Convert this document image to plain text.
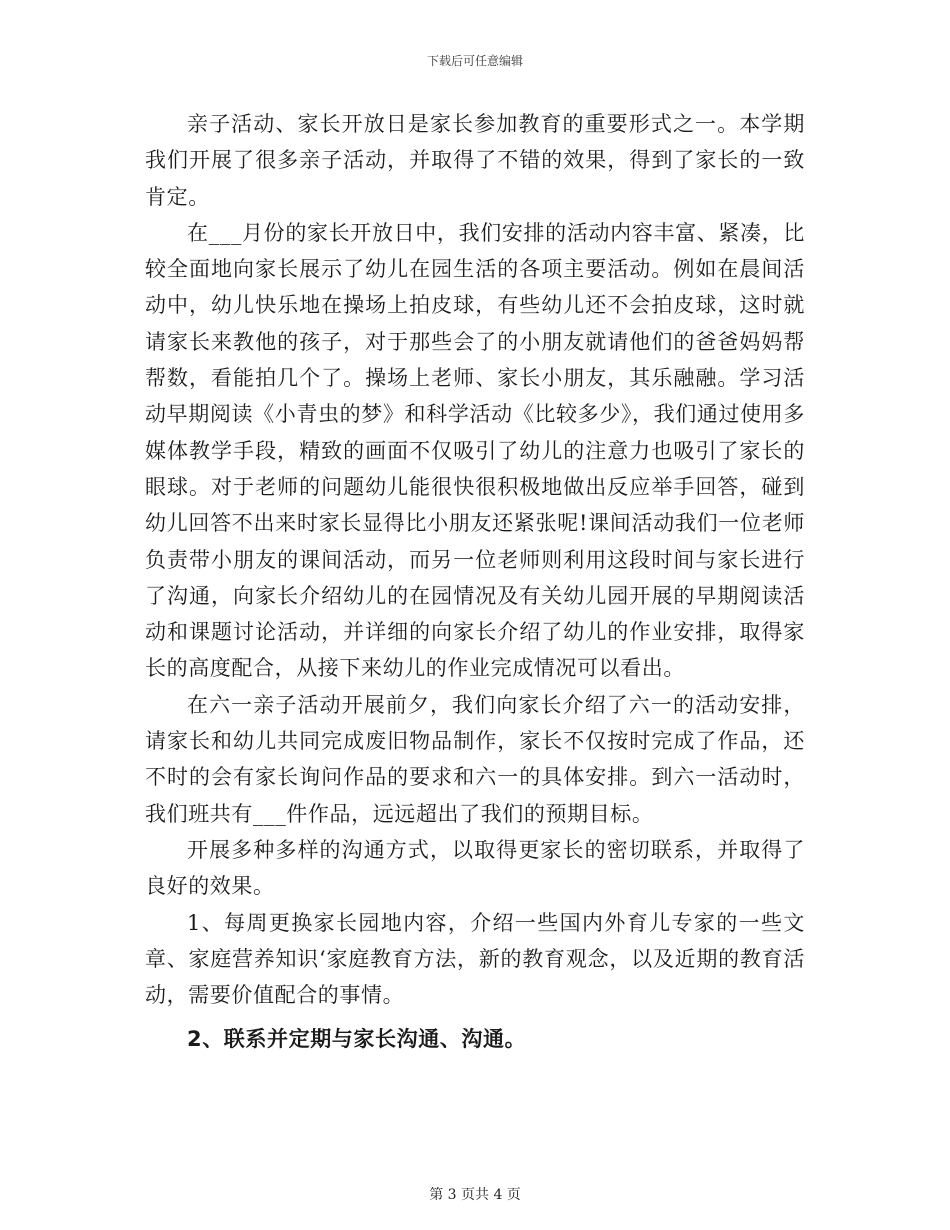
下载后可任意编辑

亲子活动、家长开放日是家长参加教育的重要形式之一。本学期我们开展了很多亲子活动，并取得了不错的效果，得到了家长的一致肯定。

在___月份的家长开放日中，我们安排的活动内容丰富、紧凑，比较全面地向家长展示了幼儿在园生活的各项主要活动。例如在晨间活动中，幼儿快乐地在操场上拍皮球，有些幼儿还不会拍皮球，这时就请家长来教他的孩子，对于那些会了的小朋友就请他们的爸爸妈妈帮帮数，看能拍几个了。操场上老师、家长小朋友，其乐融融。学习活动早期阅读《小青虫的梦》和科学活动《比较多少》，我们通过使用多媒体教学手段，精致的画面不仅吸引了幼儿的注意力也吸引了家长的眼球。对于老师的问题幼儿能很快很积极地做出反应举手回答，碰到幼儿回答不出来时家长显得比小朋友还紧张呢!课间活动我们一位老师负责带小朋友的课间活动，而另一位老师则利用这段时间与家长进行了沟通，向家长介绍幼儿的在园情况及有关幼儿园开展的早期阅读活动和课题讨论活动，并详细的向家长介绍了幼儿的作业安排，取得家长的高度配合，从接下来幼儿的作业完成情况可以看出。

在六一亲子活动开展前夕，我们向家长介绍了六一的活动安排，请家长和幼儿共同完成废旧物品制作，家长不仅按时完成了作品，还不时的会有家长询问作品的要求和六一的具体安排。到六一活动时，我们班共有___件作品，远远超出了我们的预期目标。

开展多种多样的沟通方式，以取得更家长的密切联系，并取得了良好的效果。

1、每周更换家长园地内容，介绍一些国内外育儿专家的一些文章、家庭营养知识‘家庭教育方法，新的教育观念，以及近期的教育活动，需要价值配合的事情。

2、联系并定期与家长沟通、沟通。

第 3 页共 4 页
